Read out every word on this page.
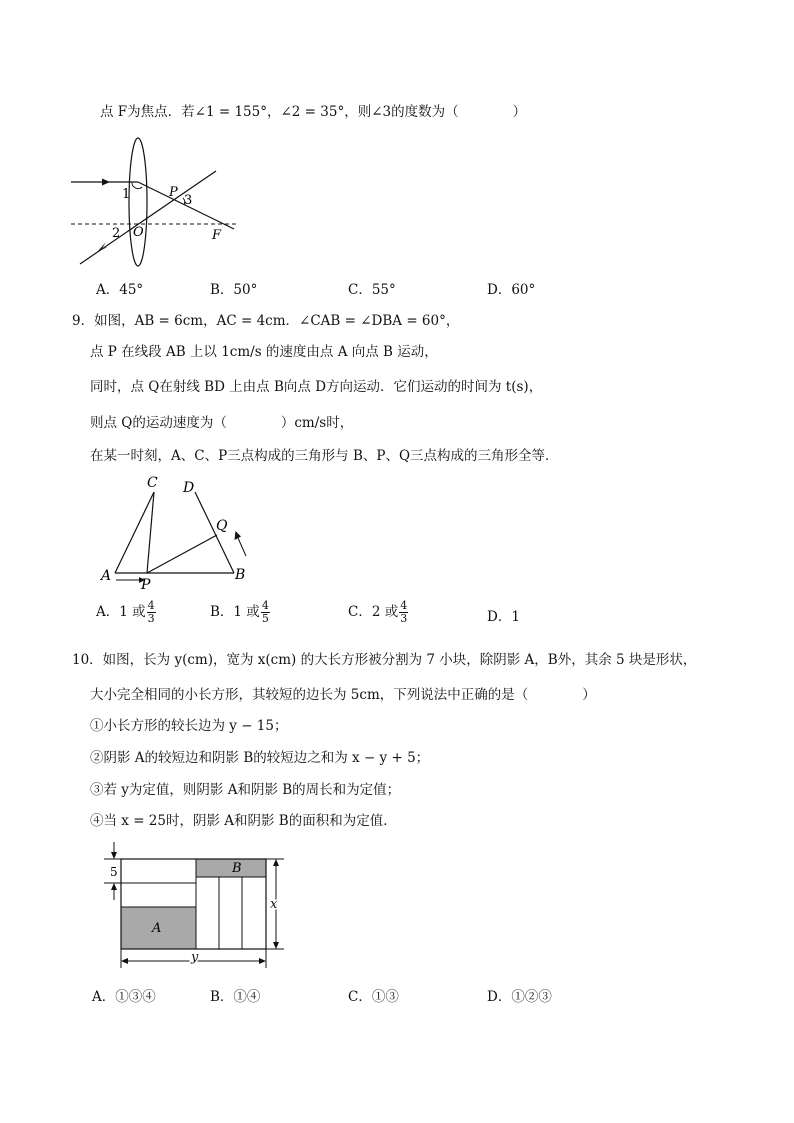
点 F为焦点．若∠1 = 155°，∠2 = 35°，则∠3的度数为（　　　　）
1
2
3
P
O	F
A．45°	B．50°	C．55°	D．60°
9．如图，AB = 6cm，AC = 4cm．∠CAB = ∠DBA = 60°，
点 P 在线段 AB 上以 1cm/s 的速度由点 A 向点 B 运动，
同时，点 Q在射线 BD 上由点 B向点 D方向运动．它们运动的时间为 t(s)，
则点 Q的运动速度为（　　　　）cm/s时，
在某一时刻，A、C、P三点构成的三角形与 B、P、Q三点构成的三角形全等．
A	B
C D
P
Q
A．1 或 $\frac{4}{3}$	B．1 或 $\frac{4}{5}$	C．2 或 $\frac{4}{3}$	D．1
10．如图，长为 y(cm)，宽为 x(cm) 的大长方形被分割为 7 小块，除阴影 A，B外，其余 5 块是形状，
大小完全相同的小长方形，其较短的边长为 5cm，下列说法中正确的是（　　　　）
①小长方形的较长边为 y − 15；
②阴影 A的较短边和阴影 B的较短边之和为 x − y + 5；
③若 y为定值，则阴影 A和阴影 B的周长和为定值；
④当 x = 25时，阴影 A和阴影 B的面积和为定值．
5
x
y
A
B
A．①③④	B．①④	C．①③	D．①②③
